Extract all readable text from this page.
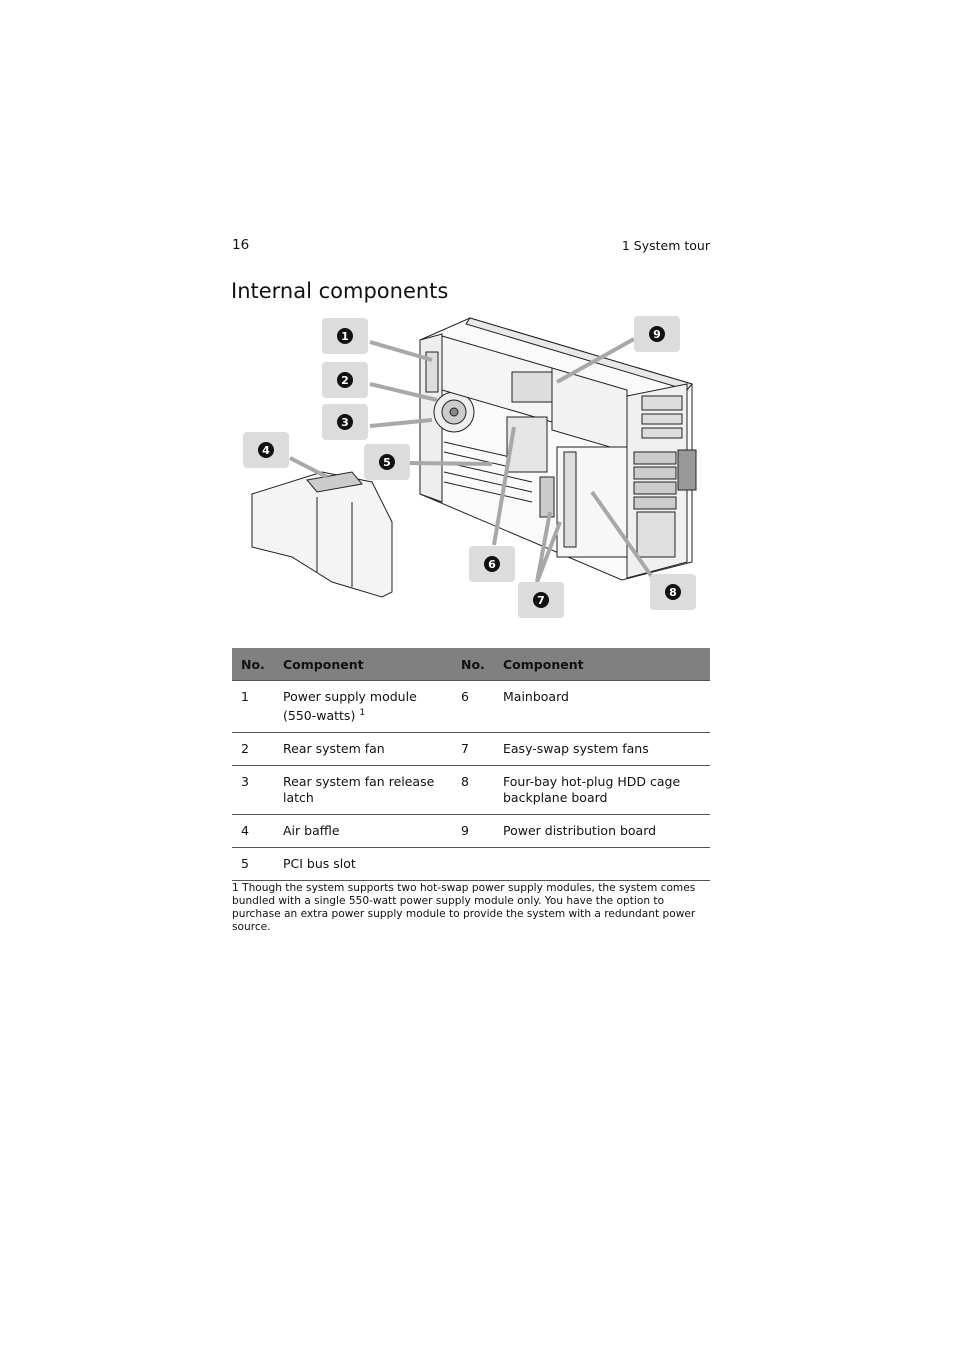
16	1 System tour
Internal components
1
2
3
4
5
6
7
8
9
No.	Component	No.	Component
1	Power supply module (550-watts) $^1$	6	Mainboard
2	Rear system fan	7	Easy-swap system fans
3	Rear system fan release latch	8	Four-bay hot-plug HDD cage backplane board
4	Air baffle	9	Power distribution board
5	PCI bus slot		
1 Though the system supports two hot-swap power supply modules, the system comes bundled with a single 550-watt power supply module only. You have the option to purchase an extra power supply module to provide the system with a redundant power source.
